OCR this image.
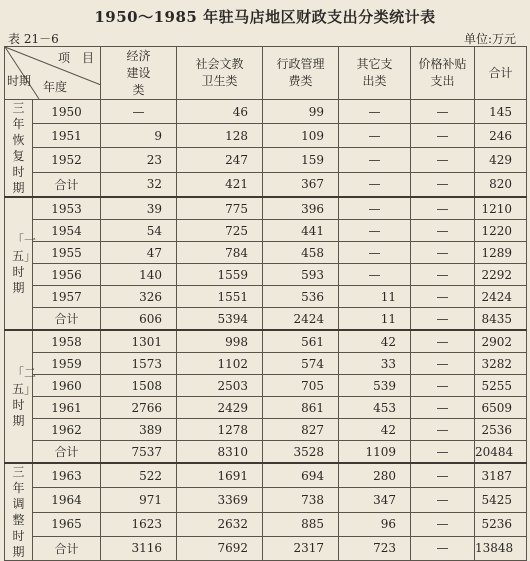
1950～1985 年驻马店地区财政支出分类统计表
表 21－6	单位:万元
项　目
年度
时期		经济建设类	社会文教卫生类	行政管理费类	其它支出类	价格补贴支出	合计
三年恢复时期	1950	—	46	99	—	—	145
	1951	9	128	109	—	—	246
	1952	23	247	159	—	—	429
	合计	32	421	367	—	—	820
「一五」时期	1953	39	775	396	—	—	1210
	1954	54	725	441	—	—	1220
	1955	47	784	458	—	—	1289
	1956	140	1559	593	—	—	2292
	1957	326	1551	536	11	—	2424
	合计	606	5394	2424	11	—	8435
「二五」时期	1958	1301	998	561	42	—	2902
	1959	1573	1102	574	33	—	3282
	1960	1508	2503	705	539	—	5255
	1961	2766	2429	861	453	—	6509
	1962	389	1278	827	42	—	2536
	合计	7537	8310	3528	1109	—	20484
三年调整时期	1963	522	1691	694	280	—	3187
	1964	971	3369	738	347	—	5425
	1965	1623	2632	885	96	—	5236
	合计	3116	7692	2317	723	—	13848
